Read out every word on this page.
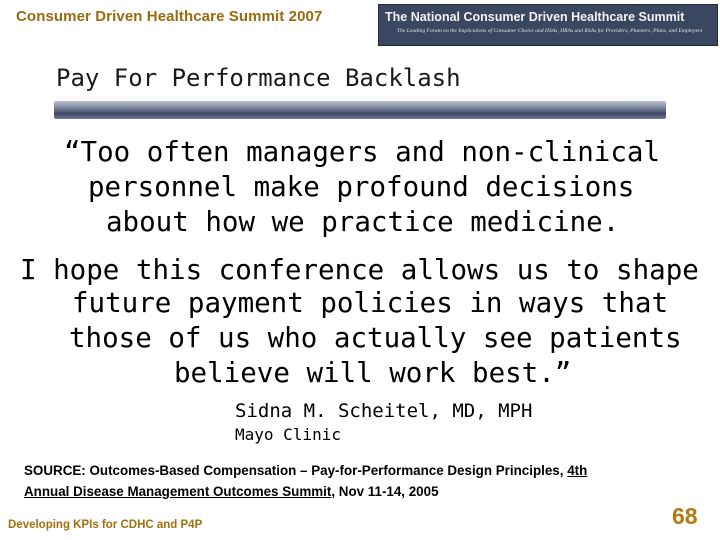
Consumer Driven Healthcare Summit 2007	The National Consumer Driven Healthcare Summit
The Leading Forum on the Implications of Consumer Choice and HSAs, HRAs and RSAs for Providers, Planners, Plans, and Employers
Pay For Performance Backlash
“Too often managers and non-clinical
personnel make profound decisions
about how we practice medicine.
I hope this conference allows us to shape
future payment policies in ways that
those of us who actually see patients
believe will work best.”
Sidna M. Scheitel, MD, MPH
Mayo Clinic
SOURCE: Outcomes-Based Compensation – Pay-for-Performance Design Principles, 4th
Annual Disease Management Outcomes Summit, Nov 11-14, 2005
Developing KPIs for CDHC and P4P	68
